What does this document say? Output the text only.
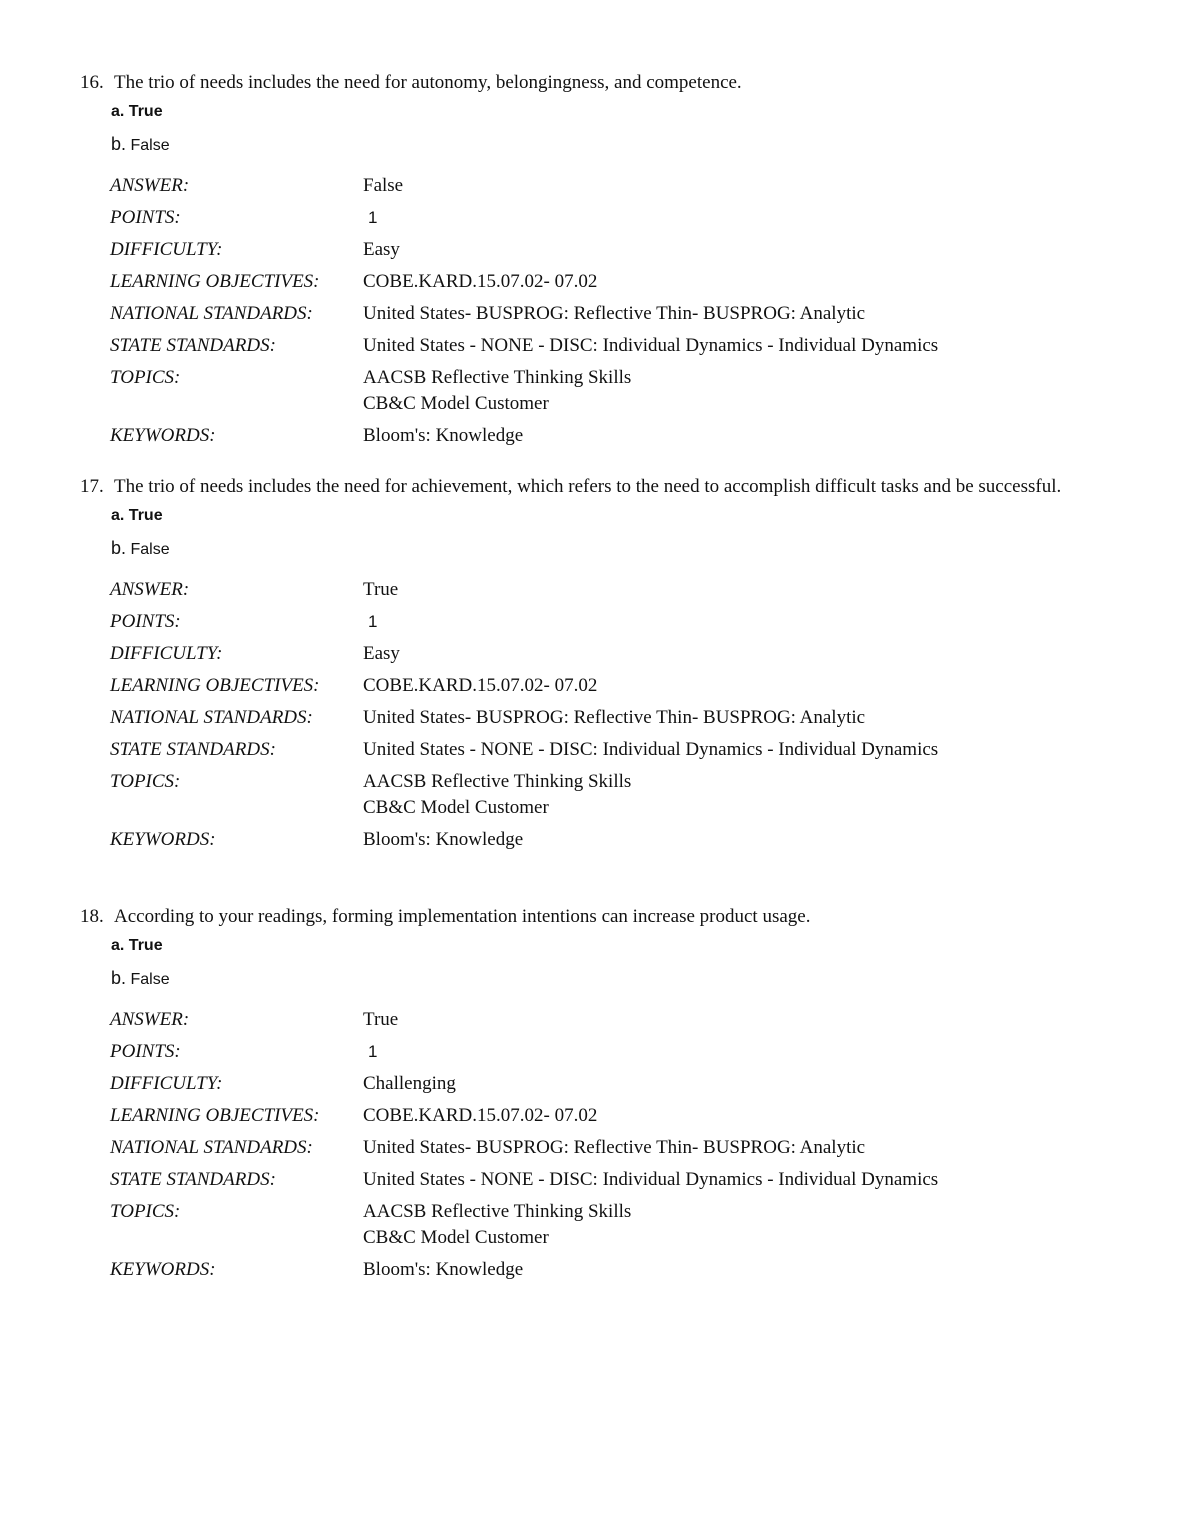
16. The trio of needs includes the need for autonomy, belongingness, and competence.
a. True
b. False
ANSWER:	False
POINTS:	1
DIFFICULTY:	Easy
LEARNING OBJECTIVES:	COBE.KARD.15.07.02- 07.02
NATIONAL STANDARDS:	United States- BUSPROG: Reflective Thin- BUSPROG: Analytic
STATE STANDARDS:	United States - NONE - DISC: Individual Dynamics - Individual Dynamics
TOPICS:	AACSB Reflective Thinking Skills
CB&C Model Customer
KEYWORDS:	Bloom's: Knowledge
17. The trio of needs includes the need for achievement, which refers to the need to accomplish difficult tasks and be successful.
a. True
b. False
ANSWER:	True
POINTS:	1
DIFFICULTY:	Easy
LEARNING OBJECTIVES:	COBE.KARD.15.07.02- 07.02
NATIONAL STANDARDS:	United States- BUSPROG: Reflective Thin- BUSPROG: Analytic
STATE STANDARDS:	United States - NONE - DISC: Individual Dynamics - Individual Dynamics
TOPICS:	AACSB Reflective Thinking Skills
CB&C Model Customer
KEYWORDS:	Bloom's: Knowledge
18. According to your readings, forming implementation intentions can increase product usage.
a. True
b. False
ANSWER:	True
POINTS:	1
DIFFICULTY:	Challenging
LEARNING OBJECTIVES:	COBE.KARD.15.07.02- 07.02
NATIONAL STANDARDS:	United States- BUSPROG: Reflective Thin- BUSPROG: Analytic
STATE STANDARDS:	United States - NONE - DISC: Individual Dynamics - Individual Dynamics
TOPICS:	AACSB Reflective Thinking Skills
CB&C Model Customer
KEYWORDS:	Bloom's: Knowledge
